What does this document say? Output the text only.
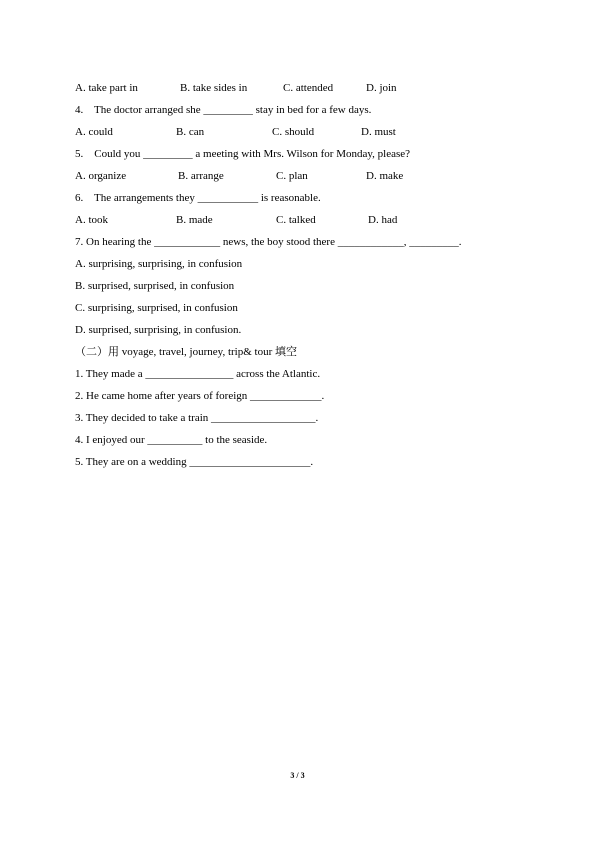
A. take part in	B. take sides in	C. attended	D. join
4.    The doctor arranged she _________ stay in bed for a few days.
A. could	B. can	C. should	D. must
5.    Could you _________ a meeting with Mrs. Wilson for Monday, please?
A. organize	B. arrange	C. plan	D. make
6.    The arrangements they ___________ is reasonable.
A. took	B. made	C. talked	D. had
7. On hearing the ____________ news, the boy stood there ____________, _________.
A. surprising, surprising, in confusion
B. surprised, surprised, in confusion
C. surprising, surprised, in confusion
D. surprised, surprising, in confusion.
（二）用 voyage, travel, journey, trip& tour 填空
1. They made a ________________ across the Atlantic.
2. He came home after years of foreign _____________.
3. They decided to take a train ___________________.
4. I enjoyed our __________ to the seaside.
5. They are on a wedding ______________________.
3 / 3
